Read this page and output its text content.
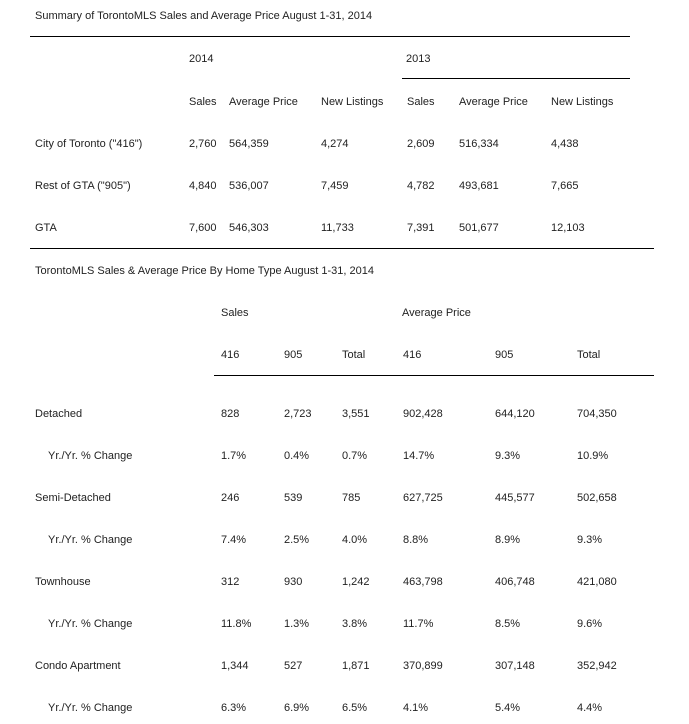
Summary of TorontoMLS Sales and Average Price August 1-31, 2014
2014	2013
Sales Average Price New Listings Sales Average Price New Listings
City of Toronto ("416")	2,760 564,359	4,274	2,609 516,334	4,438
Rest of GTA ("905")	4,840 536,007	7,459	4,782 493,681	7,665
GTA	7,600 546,303	11,733	7,391 501,677	12,103
TorontoMLS Sales & Average Price By Home Type August 1-31, 2014
Sales	Average Price
416	905	Total	416	905	Total
Detached	828	2,723	3,551	902,428	644,120	704,350
Yr./Yr. % Change	1.7%	0.4%	0.7%	14.7%	9.3%	10.9%
Semi-Detached	246	539	785	627,725	445,577	502,658
Yr./Yr. % Change	7.4%	2.5%	4.0%	8.8%	8.9%	9.3%
Townhouse	312	930	1,242	463,798	406,748	421,080
Yr./Yr. % Change	11.8%	1.3%	3.8%	11.7%	8.5%	9.6%
Condo Apartment	1,344	527	1,871	370,899	307,148	352,942
Yr./Yr. % Change	6.3%	6.9%	6.5%	4.1%	5.4%	4.4%
